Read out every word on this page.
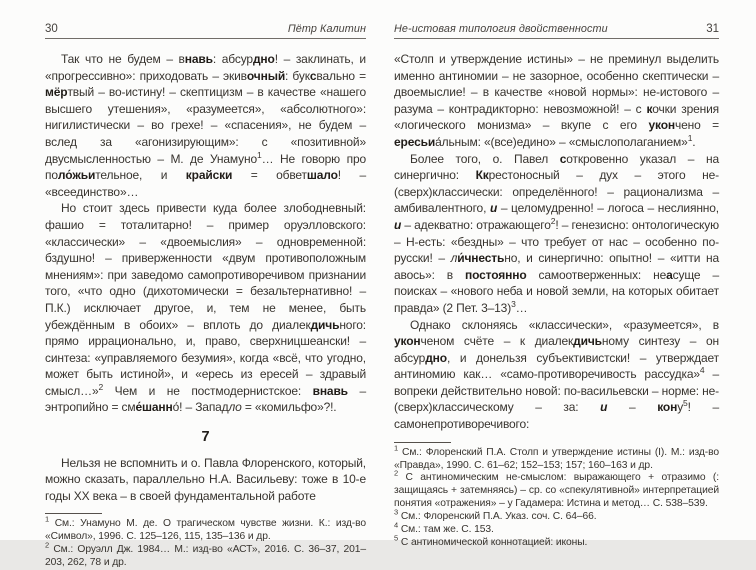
30	Пётр Калитин

Так что не будем – внавь: абсурдно! – заклинать, и «прогрессивно»: приходовать – экивочный: буксвально = мёртвый – во-истину! – скептицизм – в качестве «нашего высшего утешения», «разумеется», «абсолютного»: нигилистически – во грехе! – «спасения», не будем – вслед за «агонизирующим»: с «позитивной» двусмысленностью – М. де Унамуно$^1$… Не говорю про поло́жьительное, и крайски = обветшало! – «всеединство»…

Но стоит здесь привести куда более злободневный: фашио = тоталитарно! – пример оруэлловского: «классически» – «двоемыслия» – одновременной: бздушно! – приверженности «двум противоположным мнениям»: при заведомо самопротиворечивом признании того, «что одно (дихотомически = безальтернативно! – П.К.) исключает другое, и, тем не менее, быть убеждённым в обоих» – вплоть до диалекдичьного: прямо иррационально, и, право, сверхницшеански! – синтеза: «управляемого безумия», когда «всё, что угодно, может быть истиной», и «ересь из ересей – здравый смысл…»$^2$ Чем и не постмодернистское: внавь – энтропийно = сме́шанно́! – Западло = «комильфо»?!.

7

Нельзя не вспомнить и о. Павла Флоренского, который, можно сказать, параллельно Н.А. Васильеву: тоже в 10-е годы ХХ века – в своей фундаментальной работе

$^1$ См.: Унамуно М. де. О трагическом чувстве жизни. К.: изд-во «Символ», 1996. С. 125–126, 115, 135–136 и др.

$^2$ См.: Оруэлл Дж. 1984… М.: изд-во «АСТ», 2016. С. 36–37, 201–203, 262, 78 и др.

Не-истовая типология двойственности	31

«Столп и утверждение истины» – не преминул выделить именно антиномии – не зазорное, особенно скептически – двоемыслие! – в качестве «новой нормы»: не-истового – разума – контрадикторно: невозможной! – с кочки зрения «логического монизма» – вкупе с его укончено = ересьиа́льным: «(все)едино» – «смыслополаганием»$^1$.

Более того, о. Павел соткровенно указал – на синергично: Ккрестоносный – дух – этого не-(сверх)классически: определённого! – рационализма – амбивалентного, и – целомудренно! – логоса – неслиянно, и – адекватно: отражающего$^2$! – генезисно: онтологическую – Н-есть: «бездны» – что требует от нас – особенно по-русски! – ли́чнестьно, и синергично: опытно! – «итти на авось»: в постоянно самоотверженных: неасуще – поисках – «нового неба и новой земли, на которых обитает правда» (2 Пет. 3–13)$^3$…

Однако склоняясь «классически», «разумеется», в уконченом счёте – к диалекдичьному синтезу – он абсурдно, и донельзя субъективистски! – утверждает антиномию как… «само-противоречивость рассудка»$^4$ – вопреки действительно новой: по-васильевски – норме: не-(сверх)классическому – за: и – кону$^5$! – самонепротиворечивого:

$^1$ См.: Флоренский П.А. Столп и утверждение истины (I). М.: изд-во «Правда», 1990. С. 61–62; 152–153; 157; 160–163 и др.

$^2$ С антиномическим не-смыслом: выражающего + отразимо (: защищаясь + затемняясь) – ср. со «спекулятивной» интерпретацией понятия «отражения» – у Гадамера: Истина и метод… С. 538–539.

$^3$ См.: Флоренский П.А. Указ. соч. С. 64–66.

$^4$ См.: там же. С. 153.

$^5$ С антиномической коннотацией: иконы.
